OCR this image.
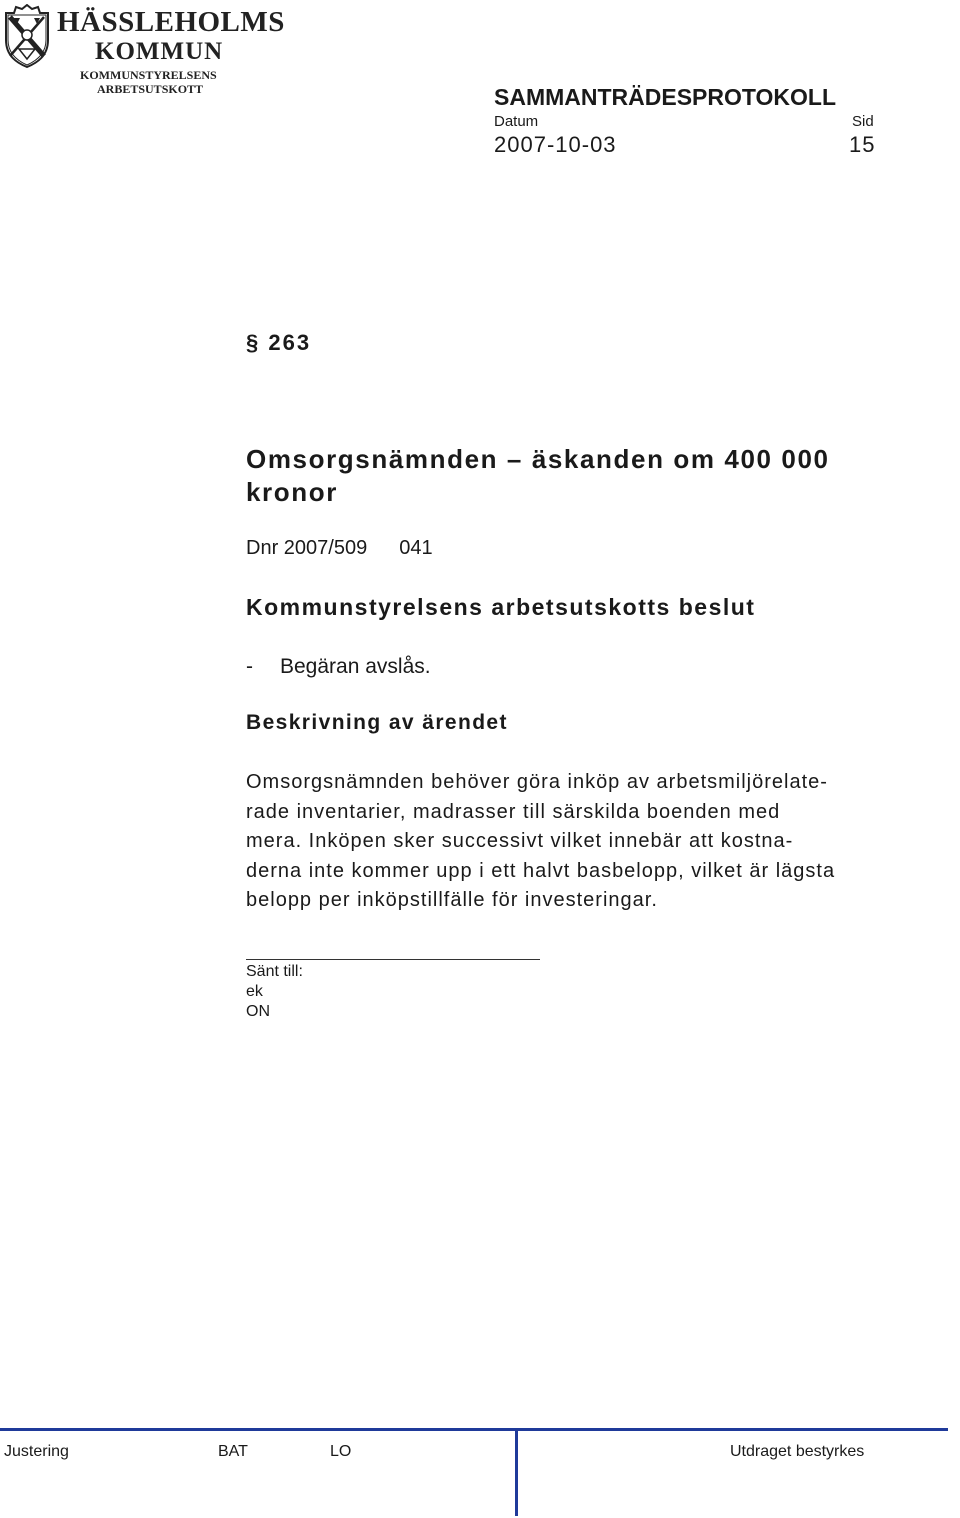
HÄSSLEHOLMS
KOMMUN
KOMMUNSTYRELSENS
ARBETSUTSKOTT	SAMMANTRÄDESPROTOKOLL
Datum	Sid
2007-10-03	15
§ 263
Omsorgsnämnden – äskanden om 400 000 kronor
Dnr 2007/509 041
Kommunstyrelsens arbetsutskotts beslut
- Begäran avslås.
Beskrivning av ärendet
Omsorgsnämnden behöver göra inköp av arbetsmiljörelate-
rade inventarier, madrasser till särskilda boenden med
mera. Inköpen sker successivt vilket innebär att kostna-
derna inte kommer upp i ett halvt basbelopp, vilket är lägsta
belopp per inköpstillfälle för investeringar.
Sänt till:
ek
ON
Justering	BAT	LO	Utdraget bestyrkes
